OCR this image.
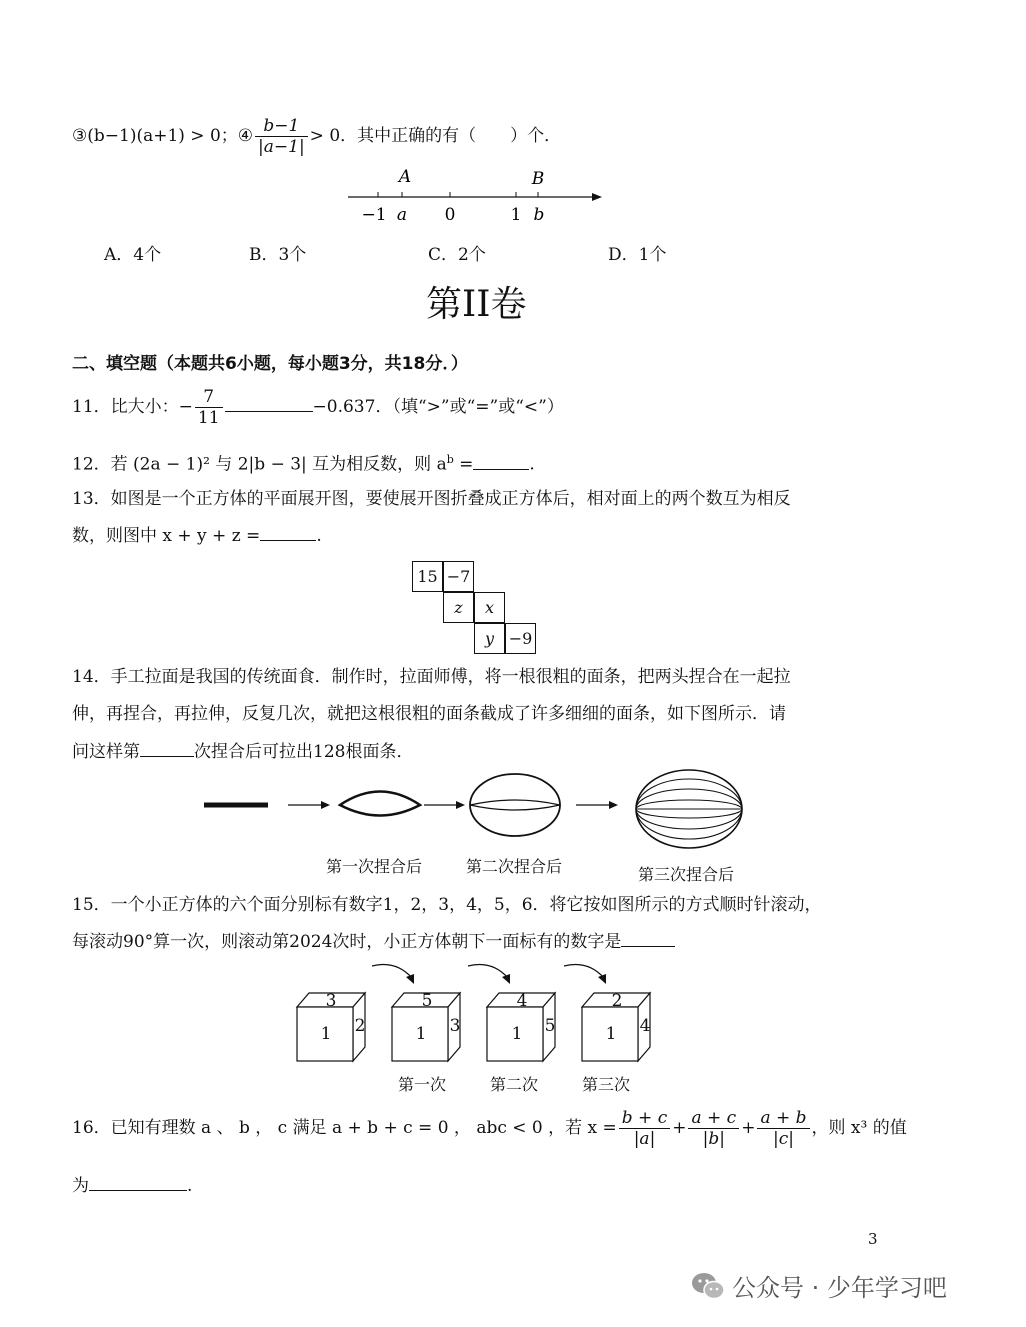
③(b−1)(a+1) > 0；④ $\frac{b-1}{|a-1|} > 0$．其中正确的有（　　）个．
A	B
−1 a 0	1 b
A．4个	B．3个	C．2个	D．1个
第II卷
二、填空题（本题共6小题，每小题3分，共18分．）
11．比大小：− $\frac{7}{11}$	−0.637．（填“>”或“=”或“<”）
12．若 (2a − 1)² 与 2|b − 3| 互为相反数，则 $a^b$ =	.
13．如图是一个正方体的平面展开图，要使展开图折叠成正方体后，相对面上的两个数互为相反
数，则图中 x + y + z =	.
15 −7
z	x
y −9
14．手工拉面是我国的传统面食．制作时，拉面师傅，将一根很粗的面条，把两头捏合在一起拉
伸，再捏合，再拉伸，反复几次，就把这根很粗的面条截成了许多细细的面条，如下图所示．请
问这样第	次捏合后可拉出128根面条．
第一次捏合后	第二次捏合后	第三次捏合后
15．一个小正方体的六个面分别标有数字1，2，3，4，5，6．将它按如图所示的方式顺时针滚动，
每滚动90°算一次，则滚动第2024次时，小正方体朝下一面标有的数字是
3
1 2
5
1 3
4
1 5
2
1 4
第一次	第二次	第三次
16．已知有理数 a 、 b ， c 满足 a + b + c = 0 ， abc < 0 ，若 $x = \frac{b + c}{|a|} + \frac{a + c}{|b|} + \frac{a + b}{|c|}$ ，则 x³ 的值
为	.
3
公众号 · 少年学习吧
